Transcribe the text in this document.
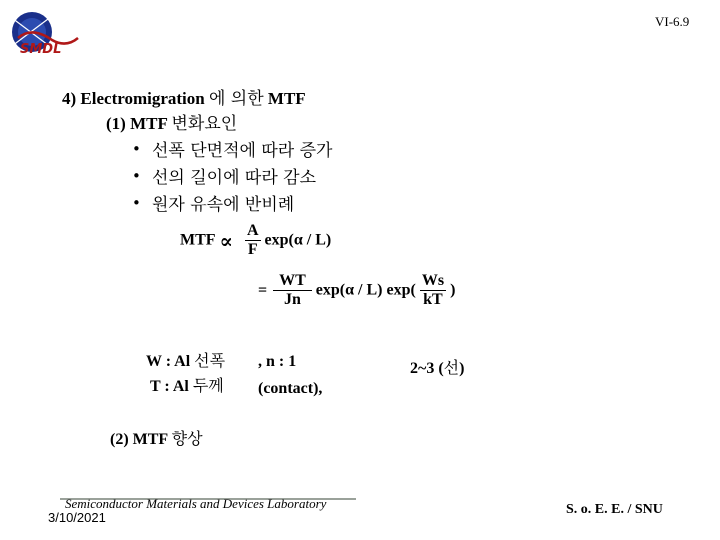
SMDL
VI-6.9
4) Electromigration 에 의한 MTF
(1) MTF 변화요인
• 선폭 단면적에 따라 증가
• 선의 길이에 따라 감소
• 원자 유속에 반비례
MTF ∝ $\frac{A}{F} \exp(\alpha / L)$
= $\frac{WT}{Jn} \exp(\alpha / L)$ $\exp( \frac{Ws}{kT}$ )
W : Al 선폭
T : Al 두께
, n : 1
(contact),
2~3 (선)
(2) MTF 향상
Semiconductor Materials and Devices Laboratory
3/10/2021
S. o. E. E. / SNU
